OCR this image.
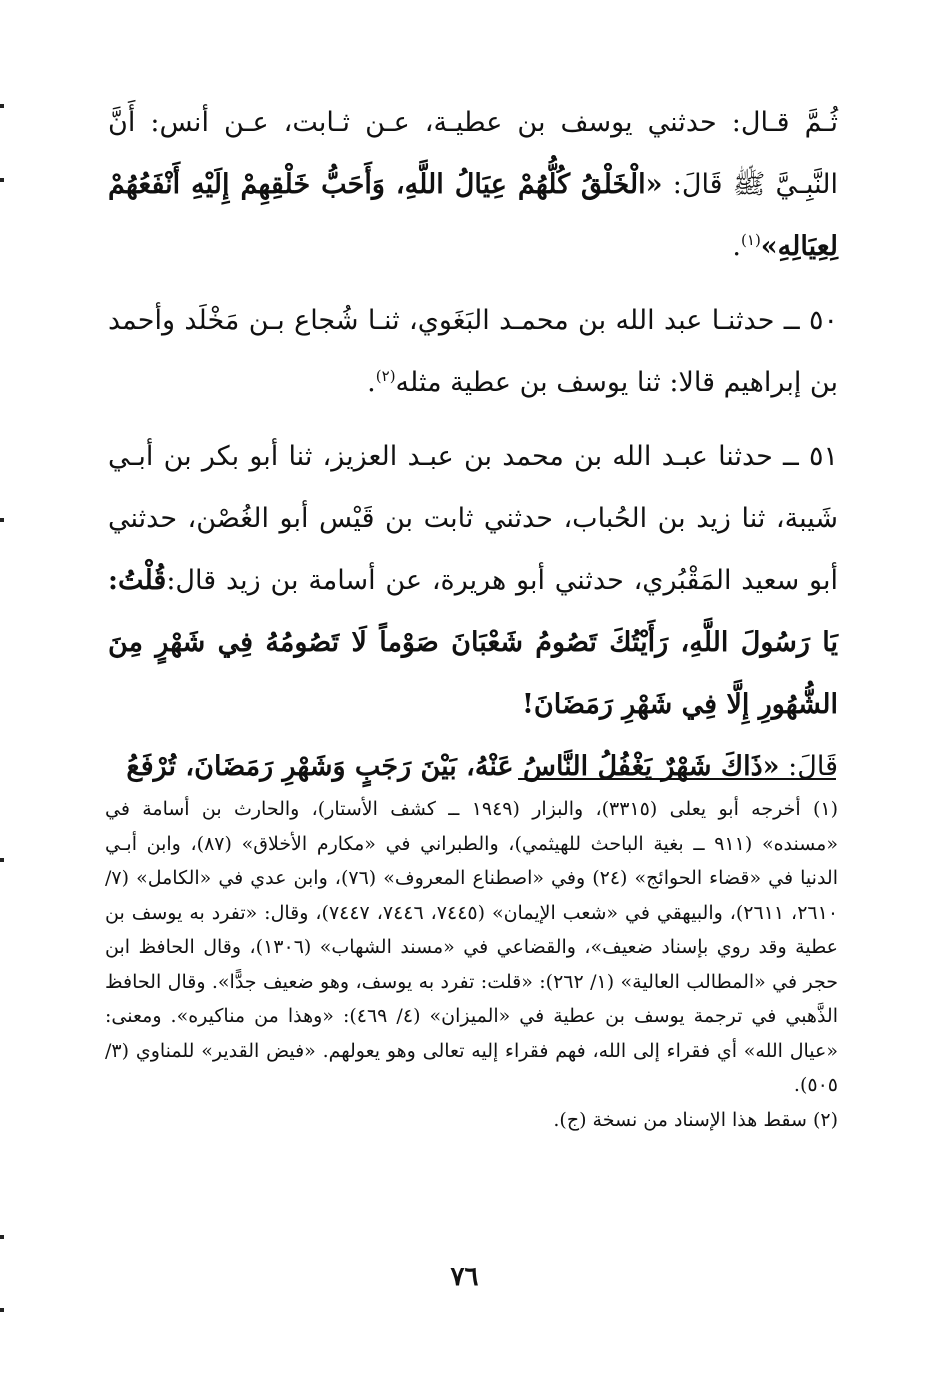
ثُـمَّ قـال: حدثني يوسف بن عطيـة، عـن ثـابت، عـن أنس: أَنَّ النَّبِـيَّ ﷺ قَالَ: «الْخَلْقُ كُلُّهُمْ عِيَالُ اللَّهِ، وَأَحَبُّ خَلْقِهِمْ إِلَيْهِ أَنْفَعُهُمْ لِعِيَالِهِ»$^{(١)}$.

٥٠ ــ حدثنـا عبد الله بن محمـد البَغَوي، ثنـا شُجاع بـن مَخْلَد وأحمد بن إبراهيم قالا: ثنا يوسف بن عطية مثله$^{(٢)}$.

٥١ ــ حدثنا عبـد الله بن محمد بن عبـد العزيز، ثنا أبو بكر بن أبـي شَيبة، ثنا زيد بن الحُباب، حدثني ثابت بن قَيْس أبو الغُصْن، حدثني أبو سعيد المَقْبُري، حدثني أبو هريرة، عن أسامة بن زيد قال:قُلْتُ: يَا رَسُولَ اللَّهِ، رَأَيْتُكَ تَصُومُ شَعْبَانَ صَوْماً لَا تَصُومُهُ فِي شَهْرٍ مِنَ الشُّهُورِ إِلَّا فِي شَهْرِ رَمَضَانَ!

قَالَ: «ذَاكَ شَهْرٌ يَغْفُلُ النَّاسُ عَنْهُ، بَيْنَ رَجَبٍ وَشَهْرِ رَمَضَانَ، تُرْفَعُ

(١) أخرجه أبو يعلى (٣٣١٥)، والبزار (١٩٤٩ ــ كشف الأستار)، والحارث بن أسامة في «مسنده» (٩١١ ــ بغية الباحث للهيثمي)، والطبراني في «مكارم الأخلاق» (٨٧)، وابن أبـي الدنيا في «قضاء الحوائج» (٢٤) وفي «اصطناع المعروف» (٧٦)، وابن عدي في «الكامل» (٧/ ٢٦١٠، ٢٦١١)، والبيهقي في «شعب الإيمان» (٧٤٤٥، ٧٤٤٦، ٧٤٤٧)، وقال: «تفرد به يوسف بن عطية وقد روي بإسناد ضعيف»، والقضاعي في «مسند الشهاب» (١٣٠٦)، وقال الحافظ ابن حجر في «المطالب العالية» (١/ ٢٦٢): «قلت: تفرد به يوسف، وهو ضعيف جدًّا». وقال الحافظ الذَّهبي في ترجمة يوسف بن عطية في «الميزان» (٤/ ٤٦٩): «وهذا من مناكيره». ومعنى: «عيال الله» أي فقراء إلى الله، فهم فقراء إليه تعالى وهو يعولهم. «فيض القدير» للمناوي (٣/ ٥٠٥).

(٢) سقط هذا الإسناد من نسخة (ج).

٧٦
